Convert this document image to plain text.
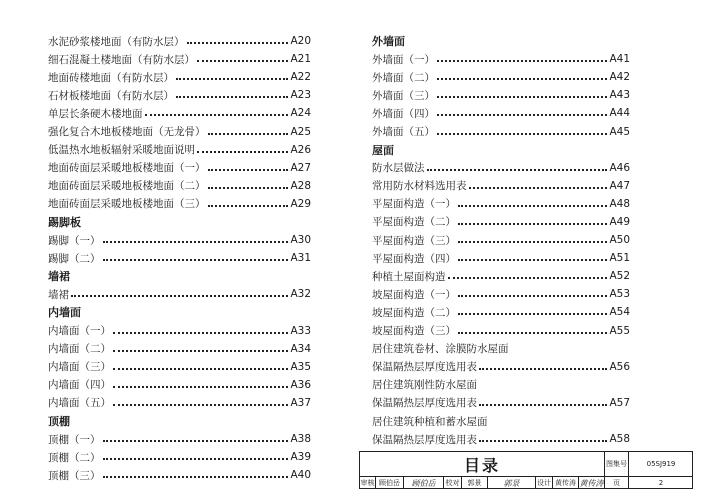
水泥砂浆楼地面（有防水层）	A20
细石混凝土楼地面（有防水层）	A21
地面砖楼地面（有防水层）	A22
石材板楼地面（有防水层）	A23
单层长条硬木楼地面	A24
强化复合木地板楼地面（无龙骨）	A25
低温热水地板辐射采暖地面说明	A26
地面砖面层采暖地板楼地面（一）	A27
地面砖面层采暖地板楼地面（二）	A28
地面砖面层采暖地板楼地面（三）	A29
踢脚板
踢脚（一）	A30
踢脚（二）	A31
墙裙
墙裙	A32
内墙面
内墙面（一）	A33
内墙面（二）	A34
内墙面（三）	A35
内墙面（四）	A36
内墙面（五）	A37
顶棚
顶棚（一）	A38
顶棚（二）	A39
顶棚（三）	A40
外墙面
外墙面（一）	A41
外墙面（二）	A42
外墙面（三）	A43
外墙面（四）	A44
外墙面（五）	A45
屋面
防水层做法	A46
常用防水材料选用表	A47
平屋面构造（一）	A48
平屋面构造（二）	A49
平屋面构造（三）	A50
平屋面构造（四）	A51
种植土屋面构造	A52
坡屋面构造（一）	A53
坡屋面构造（二）	A54
坡屋面构造（三）	A55
居住建筑卷材、涂膜防水屋面
保温隔热层厚度选用表	A56
居住建筑刚性防水屋面
保温隔热层厚度选用表	A57
居住建筑种植和蓄水屋面
保温隔热层厚度选用表	A58
目录	图集号	05SJ919
审核 顾伯岳	顾伯岳	校对	郭景	郭景	设计 黄传涛 黄传涛	页	2
